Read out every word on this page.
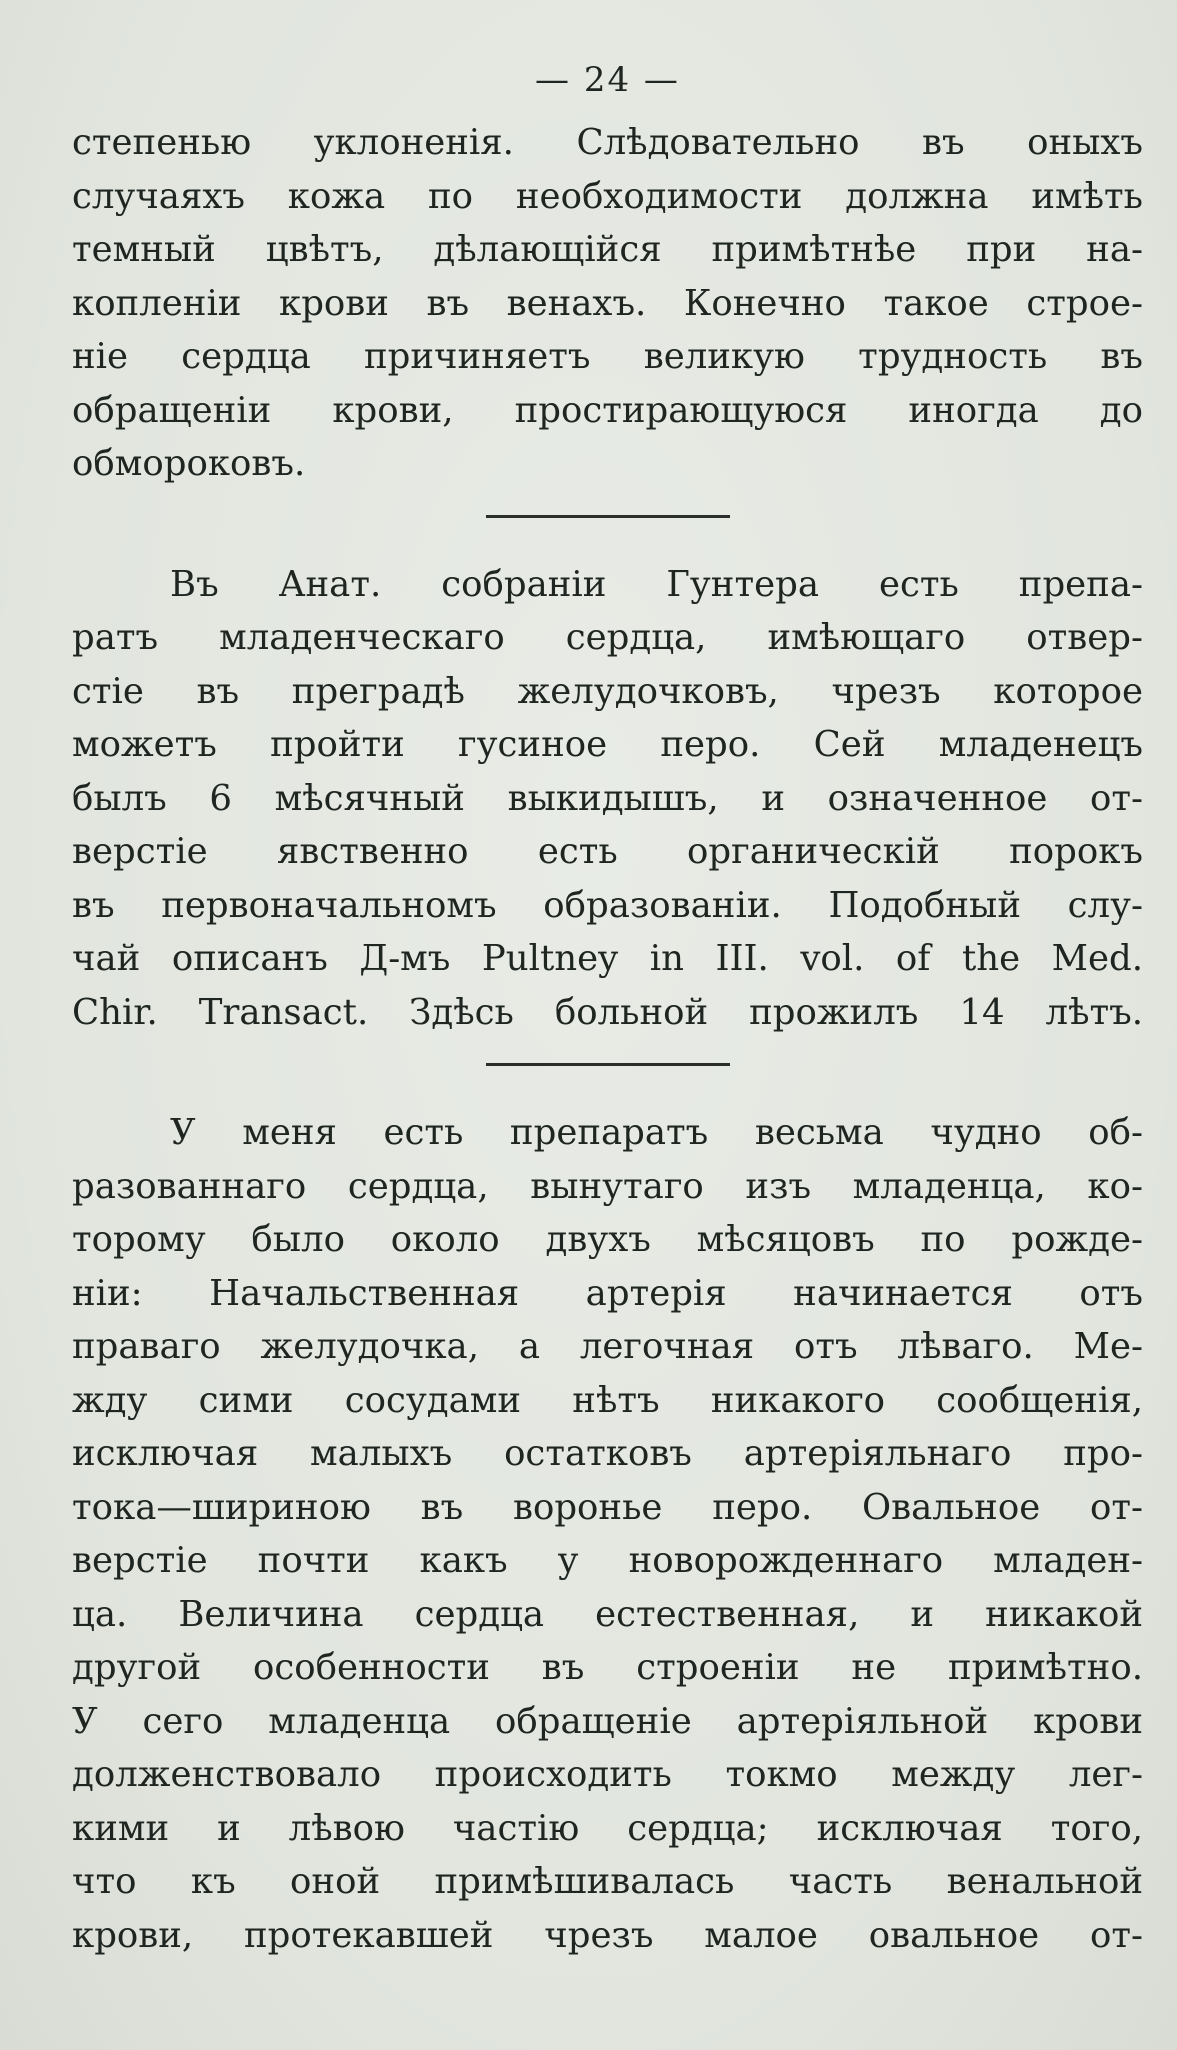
— 24 —
степенью уклоненія. Слѣдовательно въ оныхъ
случаяхъ кожа по необходимости должна имѣть
темный цвѣтъ, дѣлающійся примѣтнѣе при на-
копленіи крови въ венахъ. Конечно такое строе-
ніе сердца причиняетъ великую трудность въ
обращеніи крови, простирающуюся иногда до
обмороковъ.
Въ Анат. собраніи Гунтера есть препа-
ратъ младенческаго сердца, имѣющаго отвер-
стіе въ преградѣ желудочковъ, чрезъ которое
можетъ пройти гусиное перо. Сей младенецъ
былъ 6 мѣсячный выкидышъ, и означенное от-
верстіе явственно есть органическій порокъ
въ первоначальномъ образованіи. Подобный слу-
чай описанъ Д-мъ Pultney in III. vol. of the Med.
Chir. Transact. Здѣсь больной прожилъ 14 лѣтъ.
У меня есть препаратъ весьма чудно об-
разованнаго сердца, вынутаго изъ младенца, ко-
торому было около двухъ мѣсяцовъ по рожде-
ніи: Начальственная артерія начинается отъ
праваго желудочка, а легочная отъ лѣваго. Ме-
жду сими сосудами нѣтъ никакого сообщенія,
исключая малыхъ остатковъ артеріяльнаго про-
тока—шириною въ воронье перо. Овальное от-
верстіе почти какъ у новорожденнаго младен-
ца. Величина сердца естественная, и никакой
другой особенности въ строеніи не примѣтно.
У сего младенца обращеніе артеріяльной крови
долженствовало происходить токмо между лег-
кими и лѣвою частію сердца; исключая того,
что къ оной примѣшивалась часть венальной
крови, протекавшей чрезъ малое овальное от-
